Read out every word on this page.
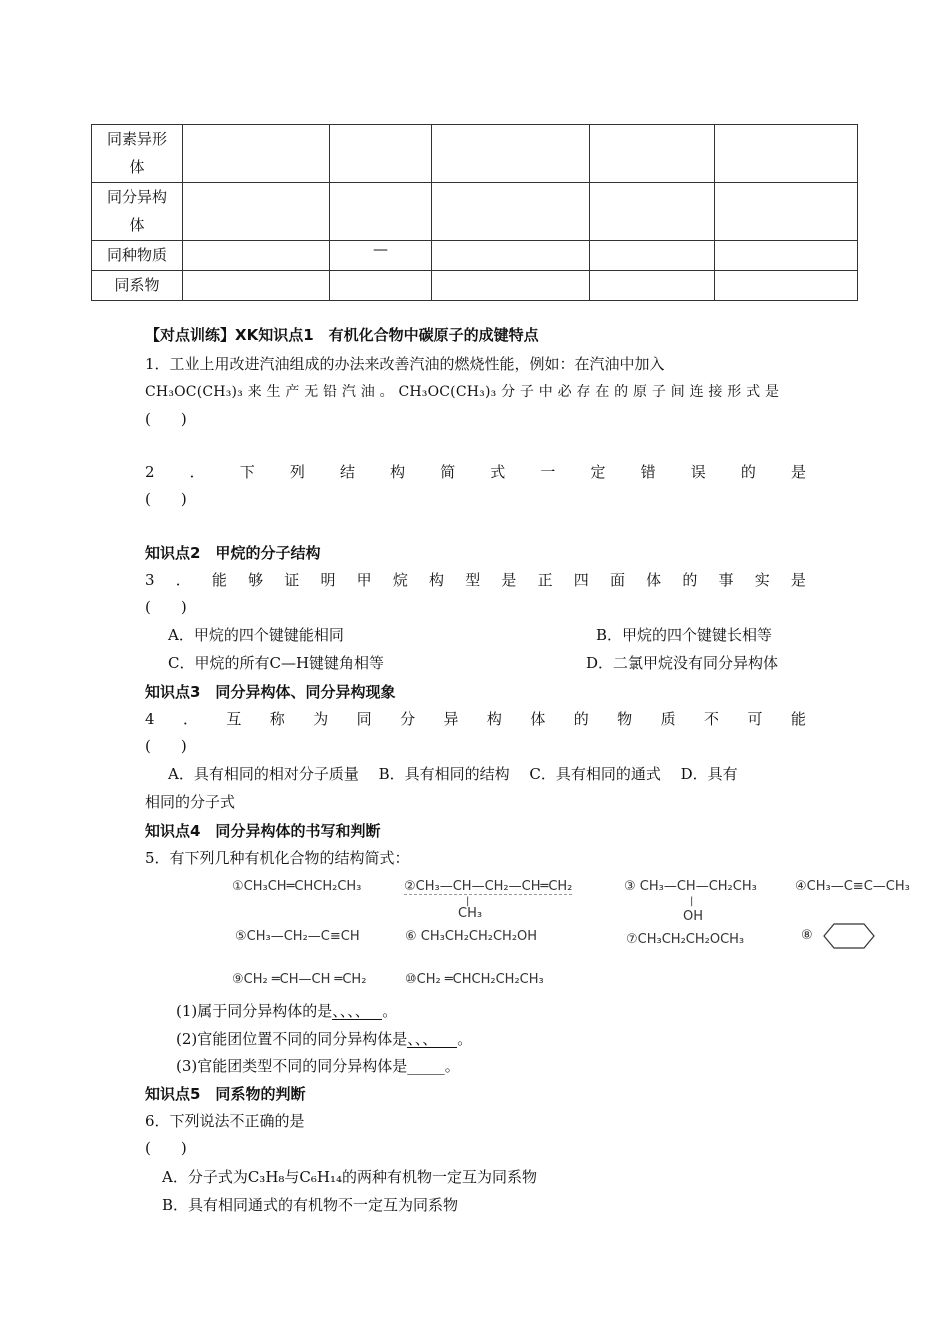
同素异形体					

同分异构体					

同种物质		—			
同系物					
【对点训练】XK知识点1　有机化合物中碳原子的成键特点
1．工业上用改进汽油组成的办法来改善汽油的燃烧性能，例如：在汽油中加入
CH₃OC(CH₃)₃ 来 生 产 无 铅 汽 油 。 CH₃OC(CH₃)₃ 分 子 中 必 存 在 的 原 子 间 连 接 形 式 是
(　　)
2 ． 下 列 结 构 简 式 一 定 错 误 的 是
(　　)
知识点2　甲烷的分子结构
3 ． 能 够 证 明 甲 烷 构 型 是 正 四 面 体 的 事 实 是
(　　)
A．甲烷的四个键键能相同	B．甲烷的四个键键长相等
C．甲烷的所有C—H键键角相等	D．二氯甲烷没有同分异构体
知识点3　同分异构体、同分异构现象
4 ． 互 称 为 同 分 异 构 体 的 物 质 不 可 能
(　　)
A．具有相同的相对分子质量　 B．具有相同的结构　 C．具有相同的通式　 D．具有
相同的分子式
知识点4　同分异构体的书写和判断
5．有下列几种有机化合物的结构简式：
①CH₃CH═CHCH₂CH₃	②CH₃—CH—CH₂—CH═CH₂
|
CH₃
③ CH₃—CH—CH₂CH₃
|
OH
④CH₃—C≡C—CH₃
⑤CH₃—CH₂—C≡CH	⑥ CH₃CH₂CH₂CH₂OH	⑦CH₃CH₂CH₂OCH₃	⑧
⑨CH₂ ═CH—CH ═CH₂	⑩CH₂ ═CHCH₂CH₂CH₃
(1)属于同分异构体的是、、、、 。
(2)官能团位置不同的同分异构体是、、、 。
(3)官能团类型不同的同分异构体是_____。
知识点5　同系物的判断
6．下列说法不正确的是
(　　)
A．分子式为C₃H₈与C₆H₁₄的两种有机物一定互为同系物
B．具有相同通式的有机物不一定互为同系物
